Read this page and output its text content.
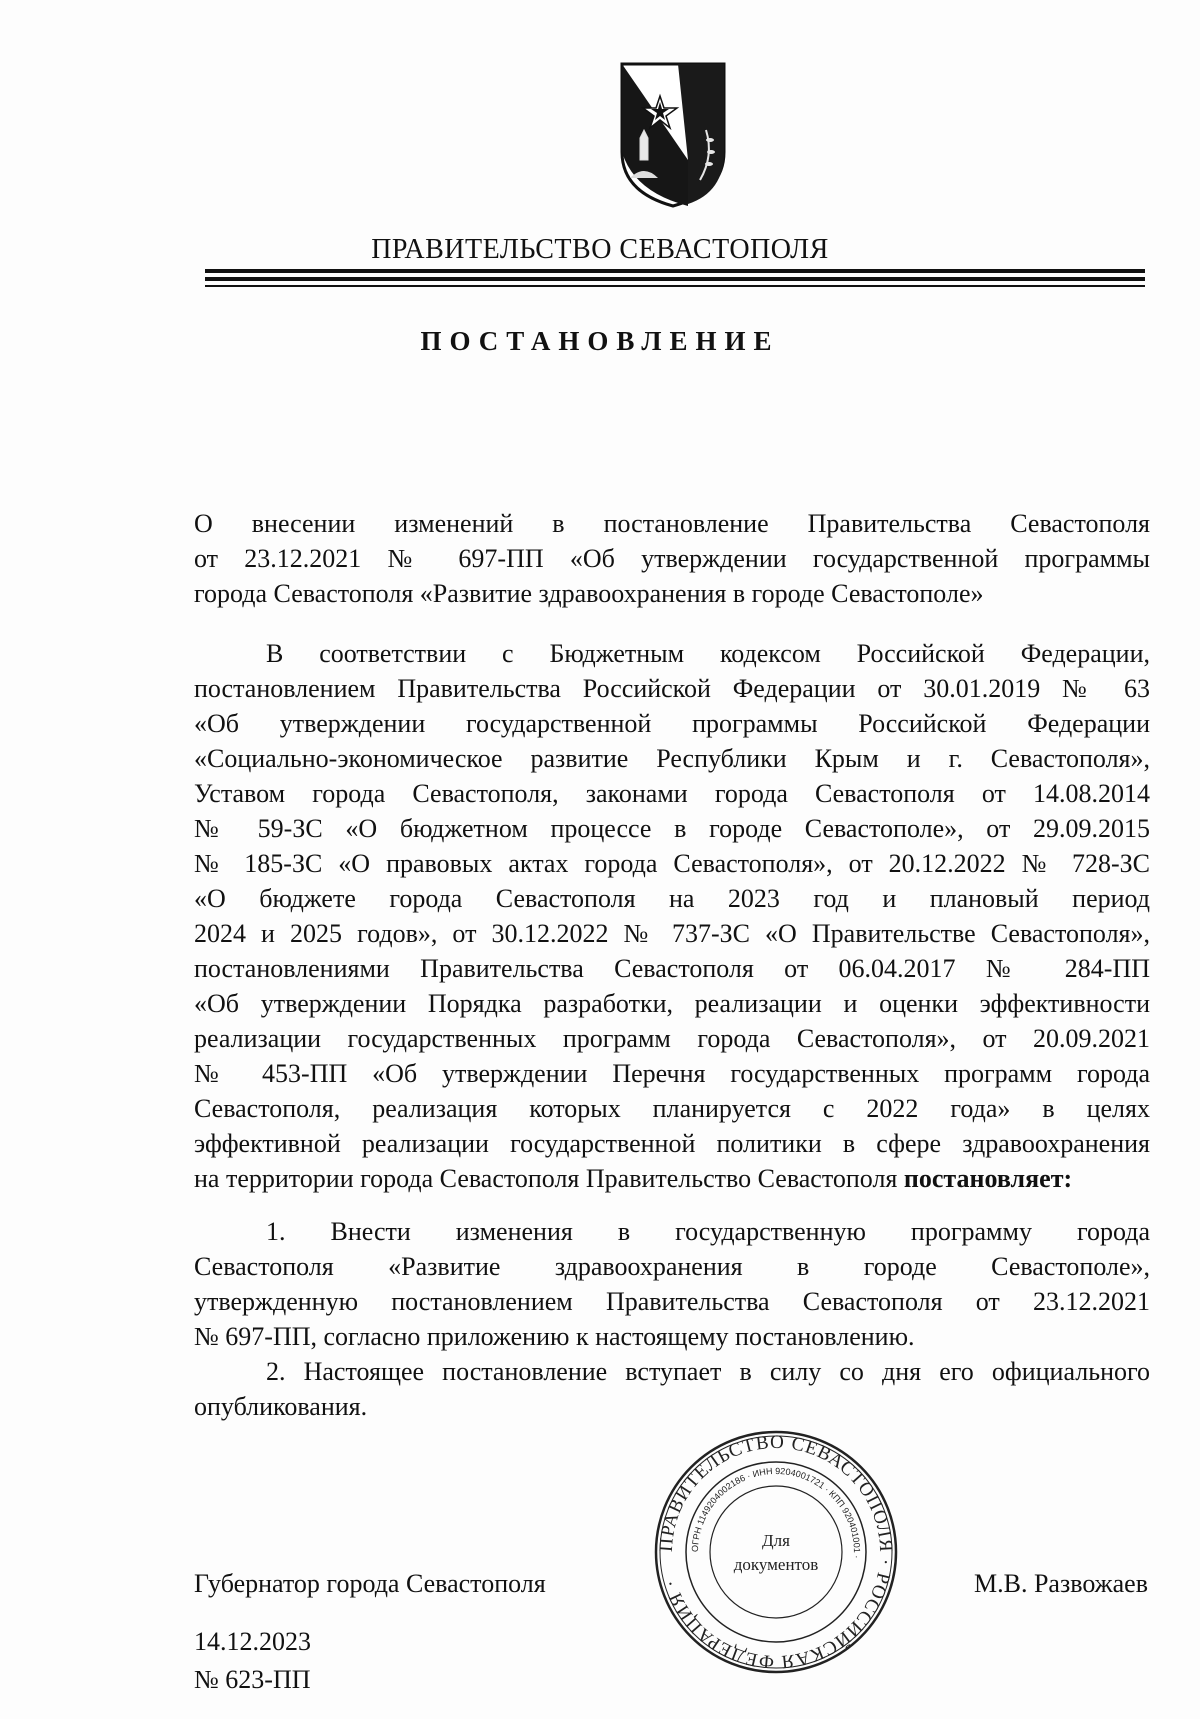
ПРАВИТЕЛЬСТВО СЕВАСТОПОЛЯ
ПОСТАНОВЛЕНИЕ
О внесении изменений в постановление Правительства Севастополя
от 23.12.2021 № 697-ПП «Об утверждении государственной программы
города Севастополя «Развитие здравоохранения в городе Севастополе»
В соответствии с Бюджетным кодексом Российской Федерации,
постановлением Правительства Российской Федерации от 30.01.2019 № 63
«Об утверждении государственной программы Российской Федерации
«Социально-экономическое развитие Республики Крым и г. Севастополя»,
Уставом города Севастополя, законами города Севастополя от 14.08.2014
№ 59-ЗС «О бюджетном процессе в городе Севастополе», от 29.09.2015
№ 185-ЗС «О правовых актах города Севастополя», от 20.12.2022 № 728-ЗС
«О бюджете города Севастополя на 2023 год и плановый период
2024 и 2025 годов», от 30.12.2022 № 737-ЗС «О Правительстве Севастополя»,
постановлениями Правительства Севастополя от 06.04.2017 № 284-ПП
«Об утверждении Порядка разработки, реализации и оценки эффективности
реализации государственных программ города Севастополя», от 20.09.2021
№ 453-ПП «Об утверждении Перечня государственных программ города
Севастополя, реализация которых планируется с 2022 года» в целях
эффективной реализации государственной политики в сфере здравоохранения
на территории города Севастополя Правительство Севастополя постановляет:
1. Внести изменения в государственную программу города
Севастополя «Развитие здравоохранения в городе Севастополе»,
утвержденную постановлением Правительства Севастополя от 23.12.2021
№ 697-ПП, согласно приложению к настоящему постановлению.
2. Настоящее постановление вступает в силу со дня его официального
опубликования.
ПРАВИТЕЛЬСТВО СЕВАСТОПОЛЯ · РОССИЙСКАЯ ФЕДЕРАЦИЯ ·
ОГРН 1149204002186 · ИНН 9204001721 · КПП 920401001 ·
Для
документов
Губернатор города Севастополя	М.В. Развожаев
14.12.2023
№ 623-ПП
